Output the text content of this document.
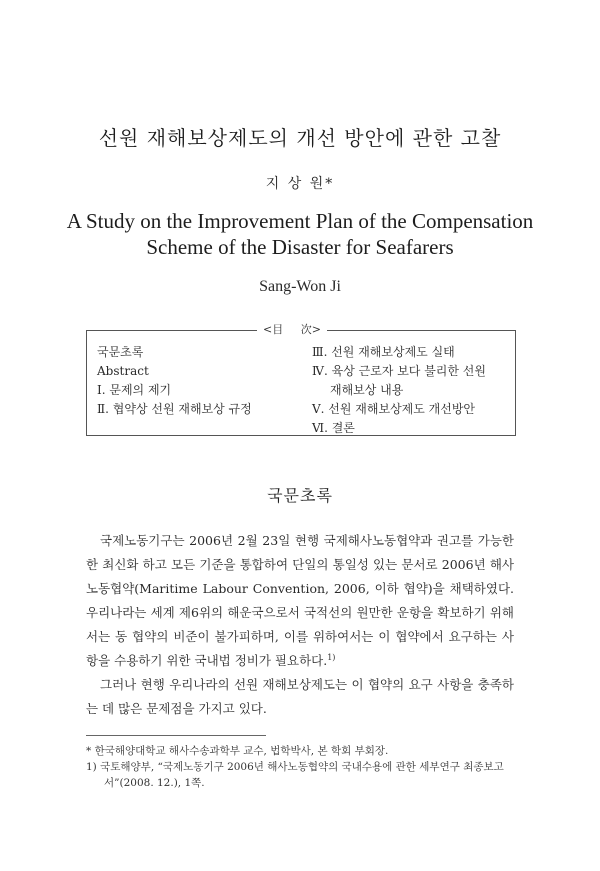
선원 재해보상제도의 개선 방안에 관한 고찰
지 상 원*
A Study on the Improvement Plan of the Compensation
Scheme of the Disaster for Seafarers
Sang-Won Ji
<目 次>
국문초록
Abstract
Ⅰ. 문제의 제기
Ⅱ. 협약상 선원 재해보상 규정
Ⅲ. 선원 재해보상제도 실태
Ⅳ. 육상 근로자 보다 불리한 선원
재해보상 내용
Ⅴ. 선원 재해보상제도 개선방안
Ⅵ. 결론
국문초록

국제노동기구는 2006년 2월 23일 현행 국제해사노동협약과 권고를 가능한 한 최신화 하고 모든 기준을 통합하여 단일의 통일성 있는 문서로 2006년 해사노동협약(Maritime Labour Convention, 2006, 이하 협약)을 채택하였다. 우리나라는 세계 제6위의 해운국으로서 국적선의 원만한 운항을 확보하기 위해서는 동 협약의 비준이 불가피하며, 이를 위하여서는 이 협약에서 요구하는 사항을 수용하기 위한 국내법 정비가 필요하다.$^{1)}$

그러나 현행 우리나라의 선원 재해보상제도는 이 협약의 요구 사항을 충족하는 데 많은 문제점을 가지고 있다.

* 한국해양대학교 해사수송과학부 교수, 법학박사, 본 학회 부회장.
1) 국토해양부, “국제노동기구 2006년 해사노동협약의 국내수용에 관한 세부연구 최종보고서”(2008. 12.), 1쪽.
